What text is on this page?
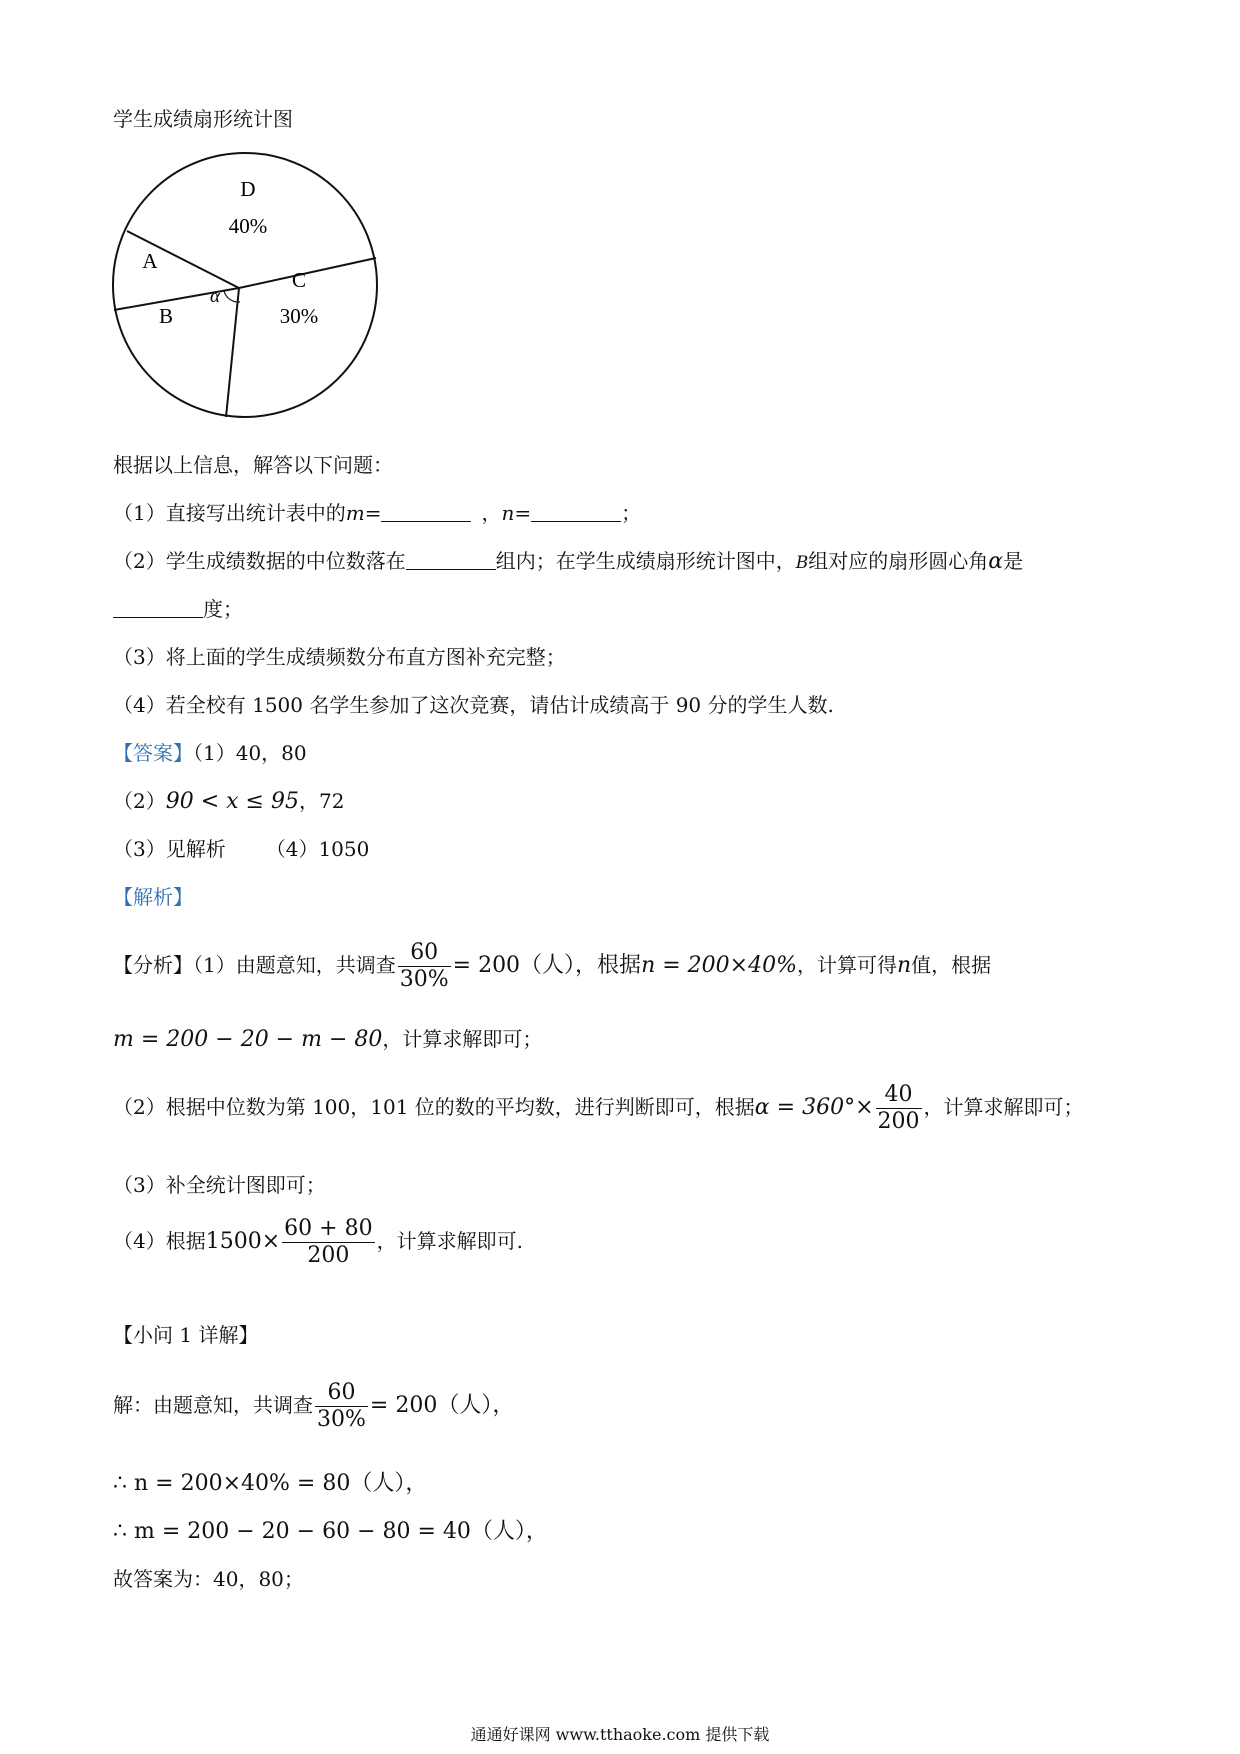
学生成绩扇形统计图
D
40%
C
30%
B
A
α
根据以上信息，解答以下问题：
（1）直接写出统计表中的m=	，n=	；
（2）学生成绩数据的中位数落在	组内；在学生成绩扇形统计图中，B组对应的扇形圆心角α是
度；
（3）将上面的学生成绩频数分布直方图补充完整；
（4）若全校有 1500 名学生参加了这次竞赛，请估计成绩高于 90 分的学生人数.
【答案】（1）40，80
（2）90 < x ≤ 95，72
（3）见解析 （4）1050
【解析】
【分析】（1）由题意知，共调查 $\frac{60}{30\%} = 200$（人），根据n = 200×40%，计算可得n值，根据
m = 200 − 20 − m − 80，计算求解即可；
（2）根据中位数为第 100，101 位的数的平均数，进行判断即可，根据$\alpha = 360^\circ\times \frac{40}{200}$ ，计算求解即可；
（3）补全统计图即可；
（4）根据$1500\times \frac{60 + 80}{200}$ ，计算求解即可.
【小问 1 详解】
解：由题意知，共调查 $\frac{60}{30\%} = 200$（人），
∴ n = 200×40% = 80（人），
∴ m = 200 − 20 − 60 − 80 = 40（人），
故答案为：40，80；
通通好课网 www.tthaoke.com 提供下载
